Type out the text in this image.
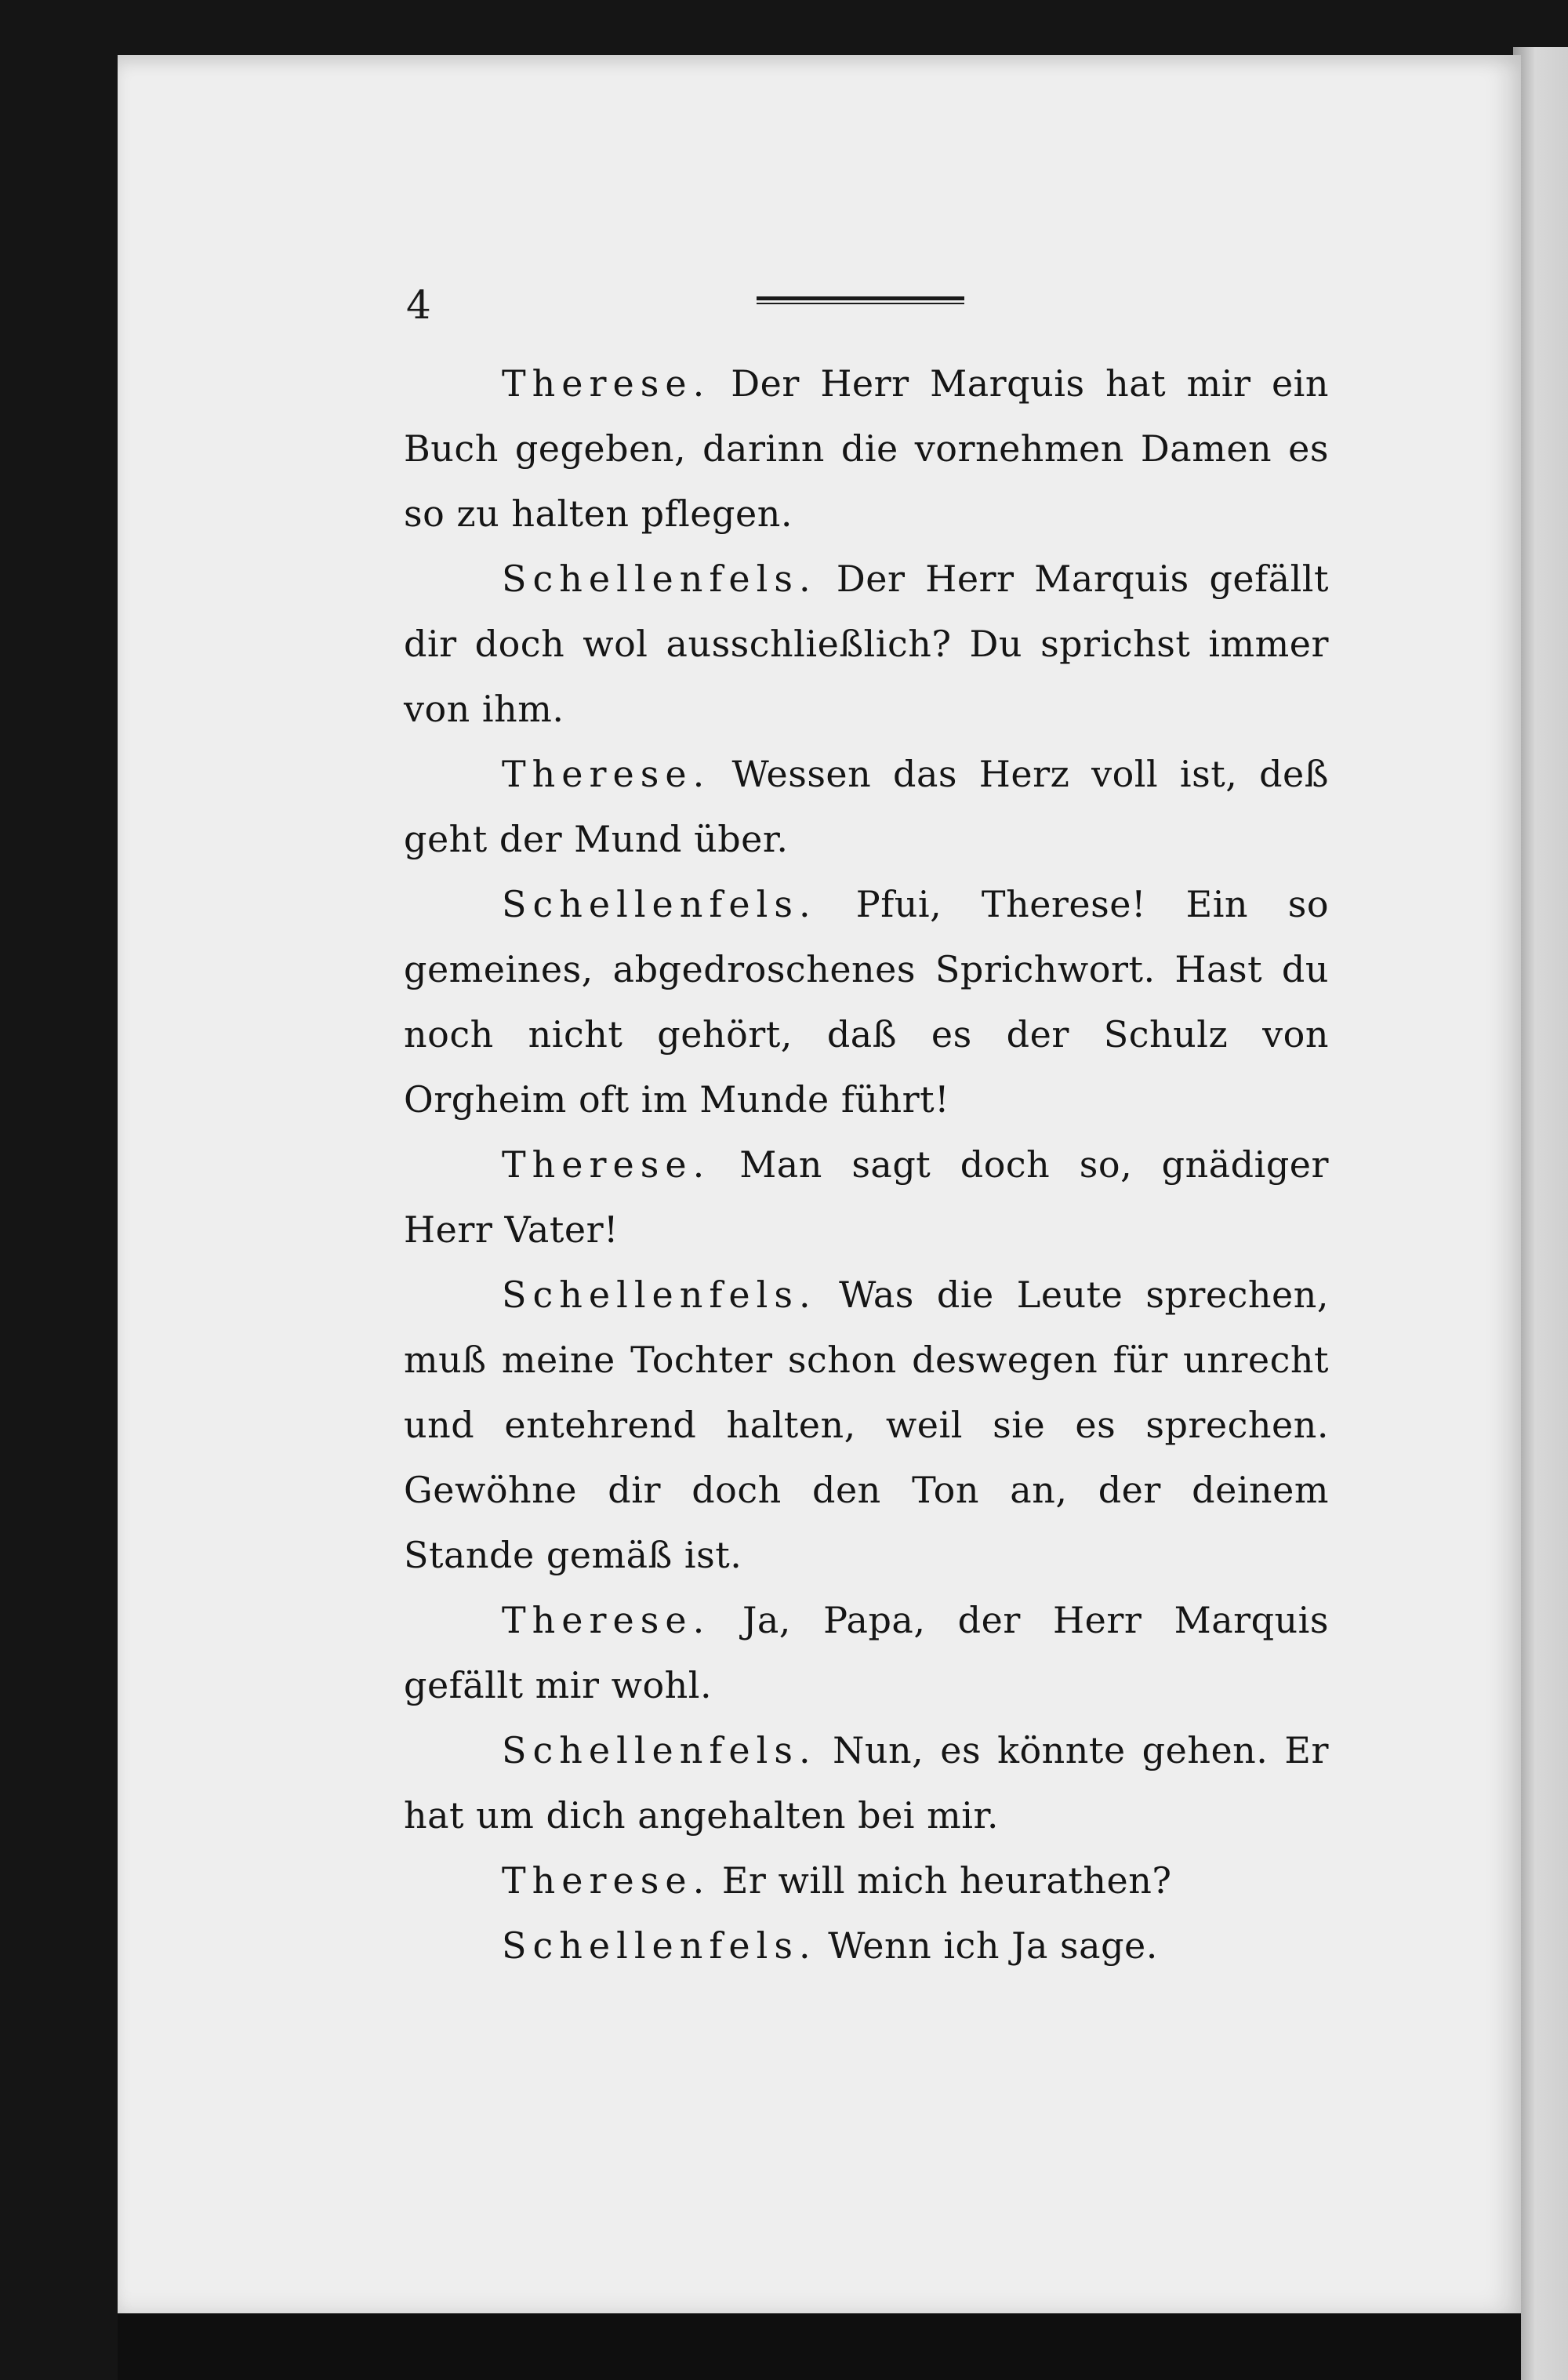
4

Therese. Der Herr Marquis hat mir ein Buch gegeben, darinn die vornehmen Damen es so zu halten pflegen.

Schellenfels. Der Herr Marquis gefällt dir doch wol ausschließlich? Du sprichst immer von ihm.

Therese. Wessen das Herz voll ist, deß geht der Mund über.

Schellenfels. Pfui, Therese! Ein so gemeines, abgedroschenes Sprichwort. Hast du noch nicht gehört, daß es der Schulz von Orgheim oft im Munde führt!

Therese. Man sagt doch so, gnädiger Herr Vater!

Schellenfels. Was die Leute sprechen, muß meine Tochter schon deswegen für unrecht und entehrend halten, weil sie es sprechen. Gewöhne dir doch den Ton an, der deinem Stande gemäß ist.

Therese. Ja, Papa, der Herr Marquis gefällt mir wohl.

Schellenfels. Nun, es könnte gehen. Er hat um dich angehalten bei mir.

Therese. Er will mich heurathen?

Schellenfels. Wenn ich Ja sage.
